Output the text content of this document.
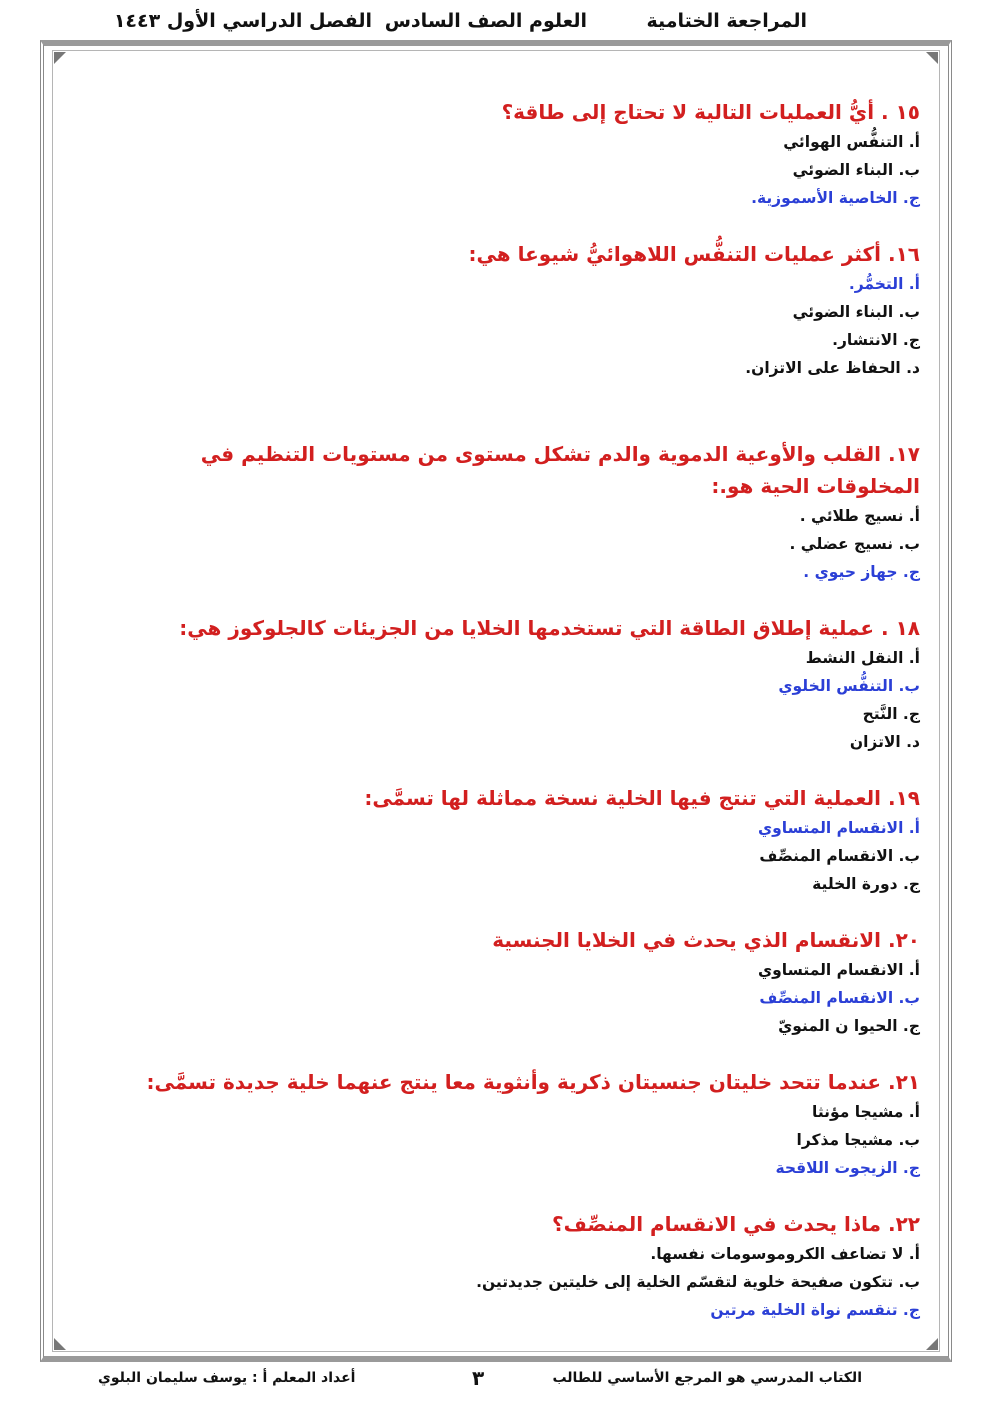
المراجعة الختامية
العلوم الصف السادس
الفصل الدراسي الأول ١٤٤٣
١٥ . أيُّ العمليات التالية لا تحتاج إلى طاقة؟
أ. التنفُّس الهوائي
ب. البناء الضوئي
ج. الخاصية الأسموزية.
١٦. أكثر عمليات التنفُّس اللاهوائيُّ شيوعا هي:
أ. التخمُّر.
ب. البناء الضوئي
ج. الانتشار.
د. الحفاظ على الاتزان.
١٧. القلب والأوعية الدموية والدم تشكل مستوى من مستويات التنظيم في المخلوقات الحية هو.:
أ. نسيج طلائي .
ب. نسيج عضلي .
ج. جهاز حيوي .
١٨ . عملية إطلاق الطاقة التي تستخدمها الخلايا من الجزيئات كالجلوكوز هي:
أ. النقل النشط
ب. التنفُّس الخلوي
ج. النَّتح
د. الاتزان
١٩. العملية التي تنتج فيها الخلية نسخة مماثلة لها تسمَّى:
أ. الانقسام المتساوي
ب. الانقسام المنصِّف
ج. دورة الخلية
٢٠. الانقسام الذي يحدث في الخلايا الجنسية
أ. الانقسام المتساوي
ب. الانقسام المنصِّف
ج. الحيوا ن المنويّ
٢١. عندما تتحد خليتان جنسيتان ذكرية وأنثوية معا ينتج عنهما خلية جديدة تسمَّى:
أ. مشيجا مؤنثا
ب. مشيجا مذكرا
ج. الزيجوت اللاقحة
٢٢. ماذا يحدث في الانقسام المنصِّف؟
أ. لا تضاعف الكروموسومات نفسها.
ب. تتكون صفيحة خلوية لتقسّم الخلية إلى خليتين جديدتين.
ج. تنقسم نواة الخلية مرتين
الكتاب المدرسي هو المرجع الأساسي للطالب
٣
أعداد المعلم أ : يوسف سليمان البلوي
